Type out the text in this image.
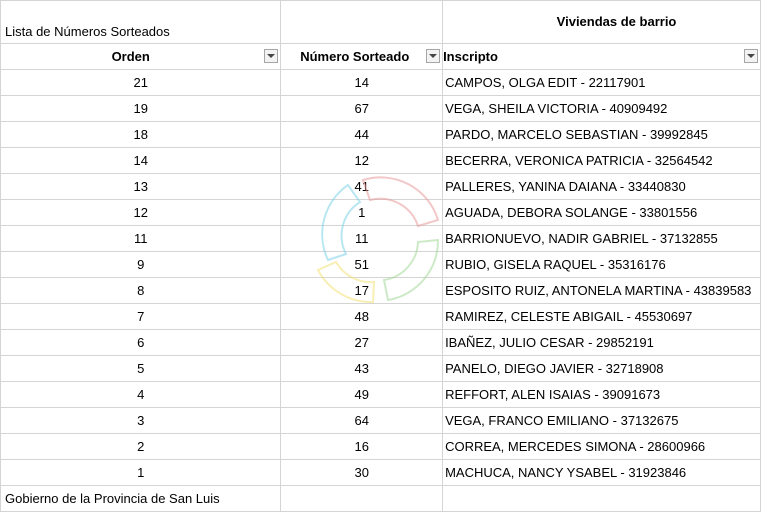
Lista de Números Sorteados		Viviendas de barrio
Orden	Número Sorteado	Inscripto

21	14	CAMPOS, OLGA EDIT - 22117901
19	67	VEGA, SHEILA VICTORIA - 40909492
18	44	PARDO, MARCELO SEBASTIAN - 39992845
14	12	BECERRA, VERONICA PATRICIA - 32564542
13	41	PALLERES, YANINA DAIANA - 33440830
12	1	AGUADA, DEBORA SOLANGE - 33801556
11	11	BARRIONUEVO, NADIR GABRIEL - 37132855
9	51	RUBIO, GISELA RAQUEL - 35316176
8	17	ESPOSITO RUIZ, ANTONELA MARTINA - 43839583
7	48	RAMIREZ, CELESTE ABIGAIL - 45530697
6	27	IBAÑEZ, JULIO CESAR - 29852191
5	43	PANELO, DIEGO JAVIER - 32718908
4	49	REFFORT, ALEN ISAIAS - 39091673
3	64	VEGA, FRANCO EMILIANO - 37132675
2	16	CORREA, MERCEDES SIMONA - 28600966
1	30	MACHUCA, NANCY YSABEL - 31923846
Gobierno de la Provincia de San Luis		
